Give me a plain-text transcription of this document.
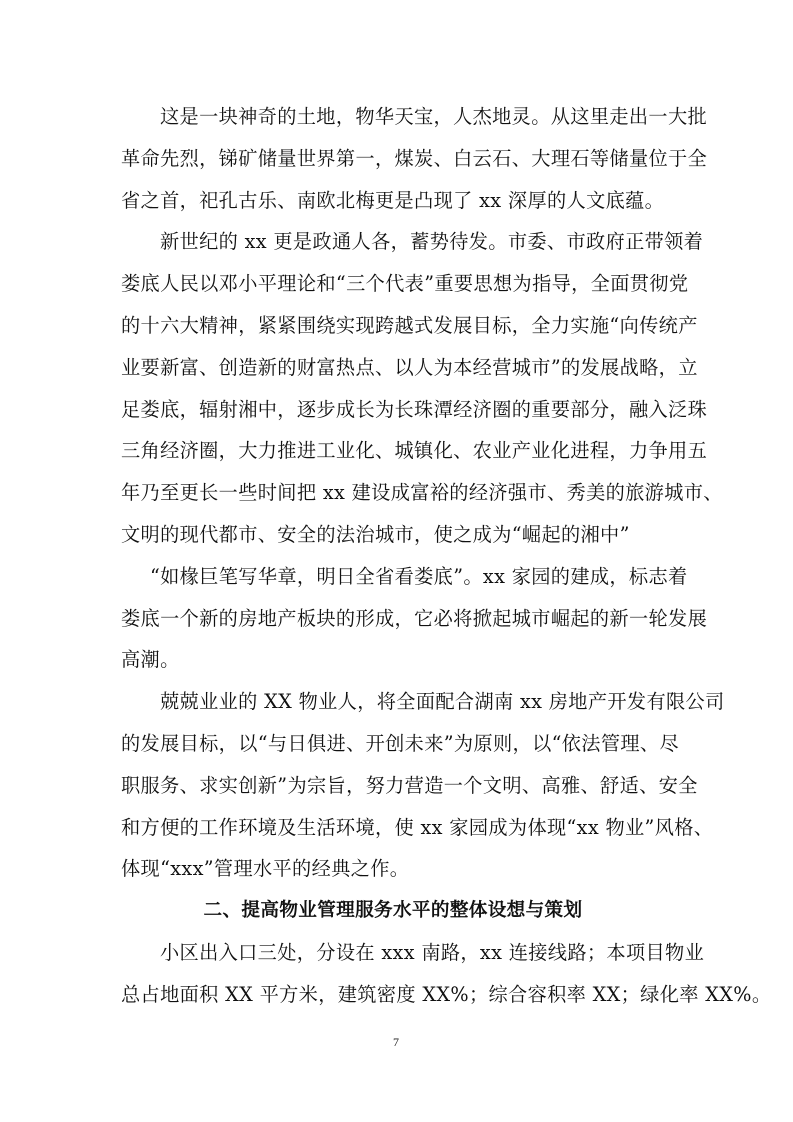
这是一块神奇的土地，物华天宝，人杰地灵。从这里走出一大批
革命先烈，锑矿储量世界第一，煤炭、白云石、大理石等储量位于全
省之首，祀孔古乐、南欧北梅更是凸现了 xx 深厚的人文底蕴。
新世纪的 xx 更是政通人各，蓄势待发。市委、市政府正带领着
娄底人民以邓小平理论和“三个代表”重要思想为指导，全面贯彻党
的十六大精神，紧紧围绕实现跨越式发展目标，全力实施“向传统产
业要新富、创造新的财富热点、以人为本经营城市”的发展战略，立
足娄底，辐射湘中，逐步成长为长珠潭经济圈的重要部分，融入泛珠
三角经济圈，大力推进工业化、城镇化、农业产业化进程，力争用五
年乃至更长一些时间把 xx 建设成富裕的经济强市、秀美的旅游城市、
文明的现代都市、安全的法治城市，使之成为“崛起的湘中”
“如椽巨笔写华章，明日全省看娄底”。xx 家园的建成，标志着
娄底一个新的房地产板块的形成，它必将掀起城市崛起的新一轮发展
高潮。
兢兢业业的 XX 物业人，将全面配合湖南 xx 房地产开发有限公司
的发展目标，以“与日俱进、开创未来”为原则，以“依法管理、尽
职服务、求实创新”为宗旨，努力营造一个文明、高雅、舒适、安全
和方便的工作环境及生活环境，使 xx 家园成为体现“xx 物业”风格、
体现“xxx”管理水平的经典之作。
二、提高物业管理服务水平的整体设想与策划
小区出入口三处，分设在 xxx 南路，xx 连接线路；本项目物业
总占地面积 XX 平方米，建筑密度 XX%；综合容积率 XX；绿化率 XX%。
7
